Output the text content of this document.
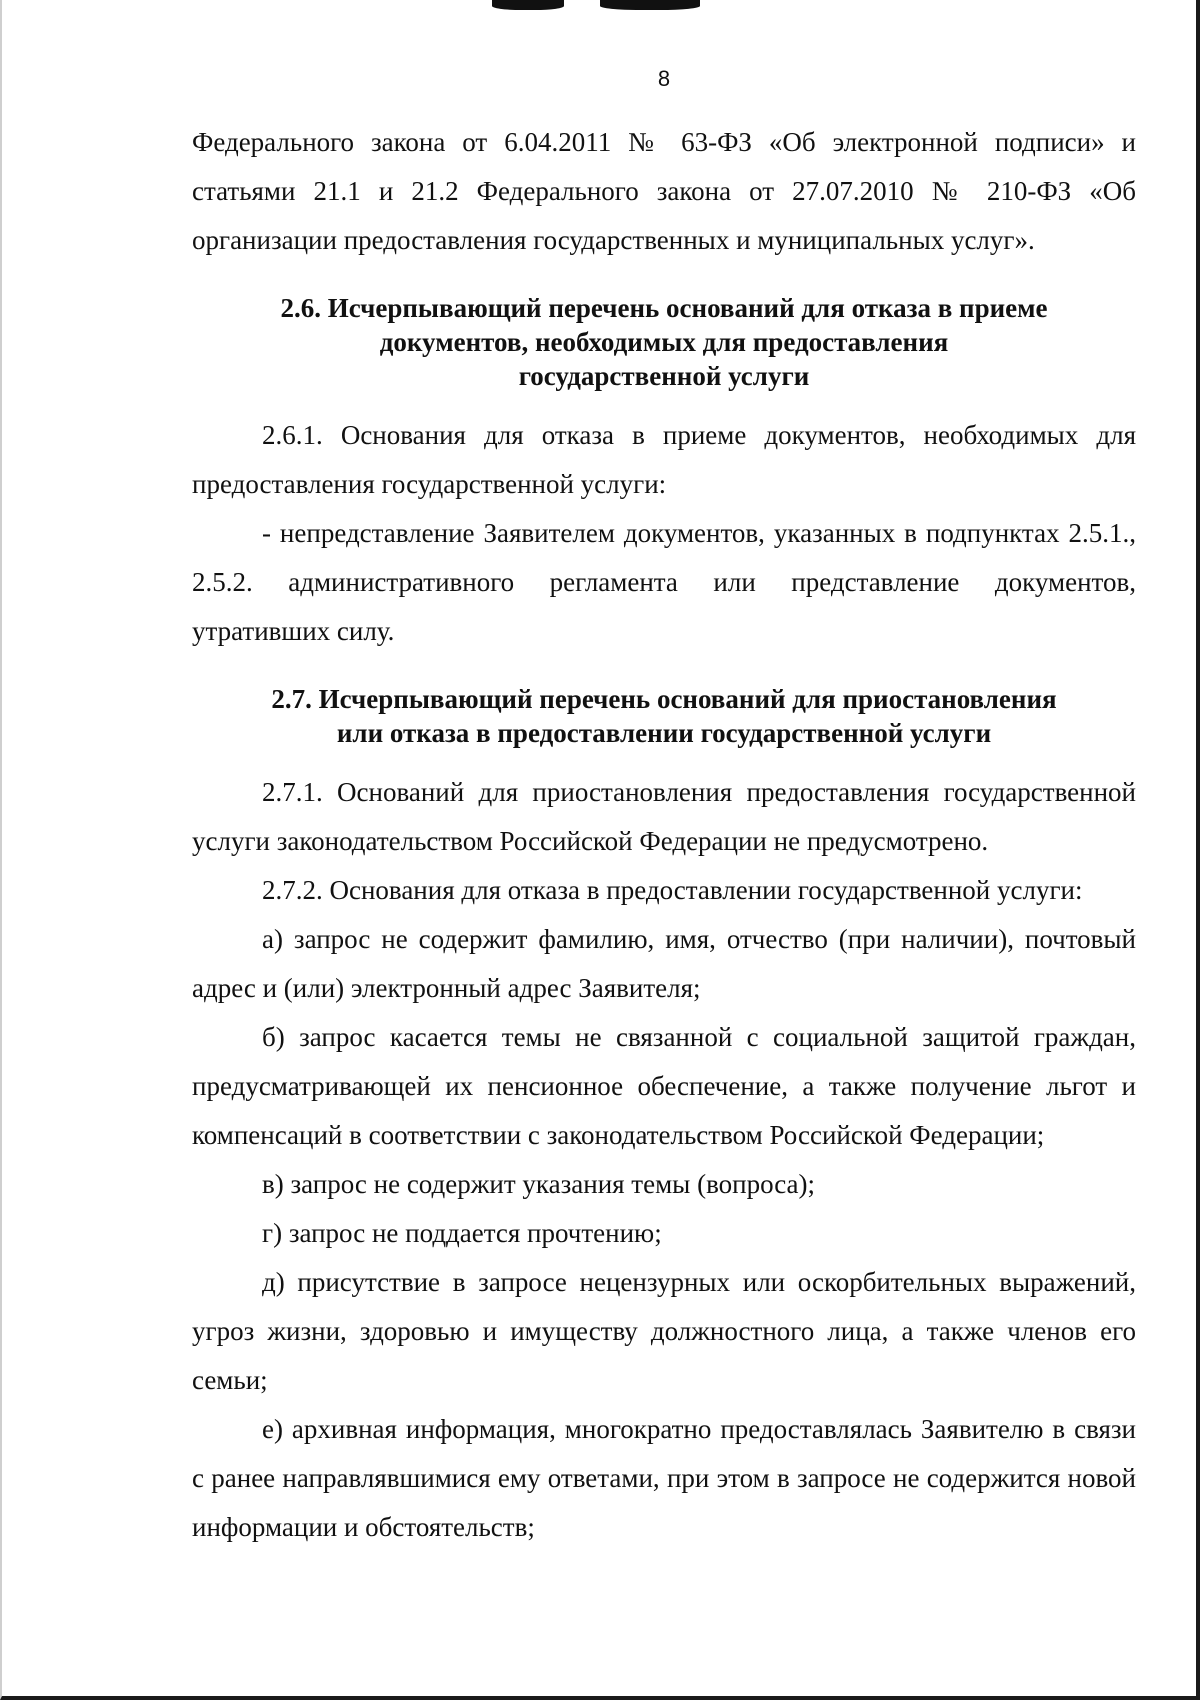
8

Федерального закона от 6.04.2011 № 63-ФЗ «Об электронной подписи» и статьями 21.1 и 21.2 Федерального закона от 27.07.2010 № 210-ФЗ «Об организации предоставления государственных и муниципальных услуг».

2.6. Исчерпывающий перечень оснований для отказа в приеме
документов, необходимых для предоставления
государственной услуги

2.6.1. Основания для отказа в приеме документов, необходимых для предоставления государственной услуги:

- непредставление Заявителем документов, указанных в подпунктах 2.5.1., 2.5.2. административного регламента или представление документов, утративших силу.

2.7. Исчерпывающий перечень оснований для приостановления
или отказа в предоставлении государственной услуги

2.7.1. Оснований для приостановления предоставления государственной услуги законодательством Российской Федерации не предусмотрено.

2.7.2. Основания для отказа в предоставлении государственной услуги:

а) запрос не содержит фамилию, имя, отчество (при наличии), почтовый адрес и (или) электронный адрес Заявителя;

б) запрос касается темы не связанной с социальной защитой граждан, предусматривающей их пенсионное обеспечение, а также получение льгот и компенсаций в соответствии с законодательством Российской Федерации;

в) запрос не содержит указания темы (вопроса);

г) запрос не поддается прочтению;

д) присутствие в запросе нецензурных или оскорбительных выражений, угроз жизни, здоровью и имуществу должностного лица, а также членов его семьи;

е) архивная информация, многократно предоставлялась Заявителю в связи с ранее направлявшимися ему ответами, при этом в запросе не содержится новой информации и обстоятельств;
